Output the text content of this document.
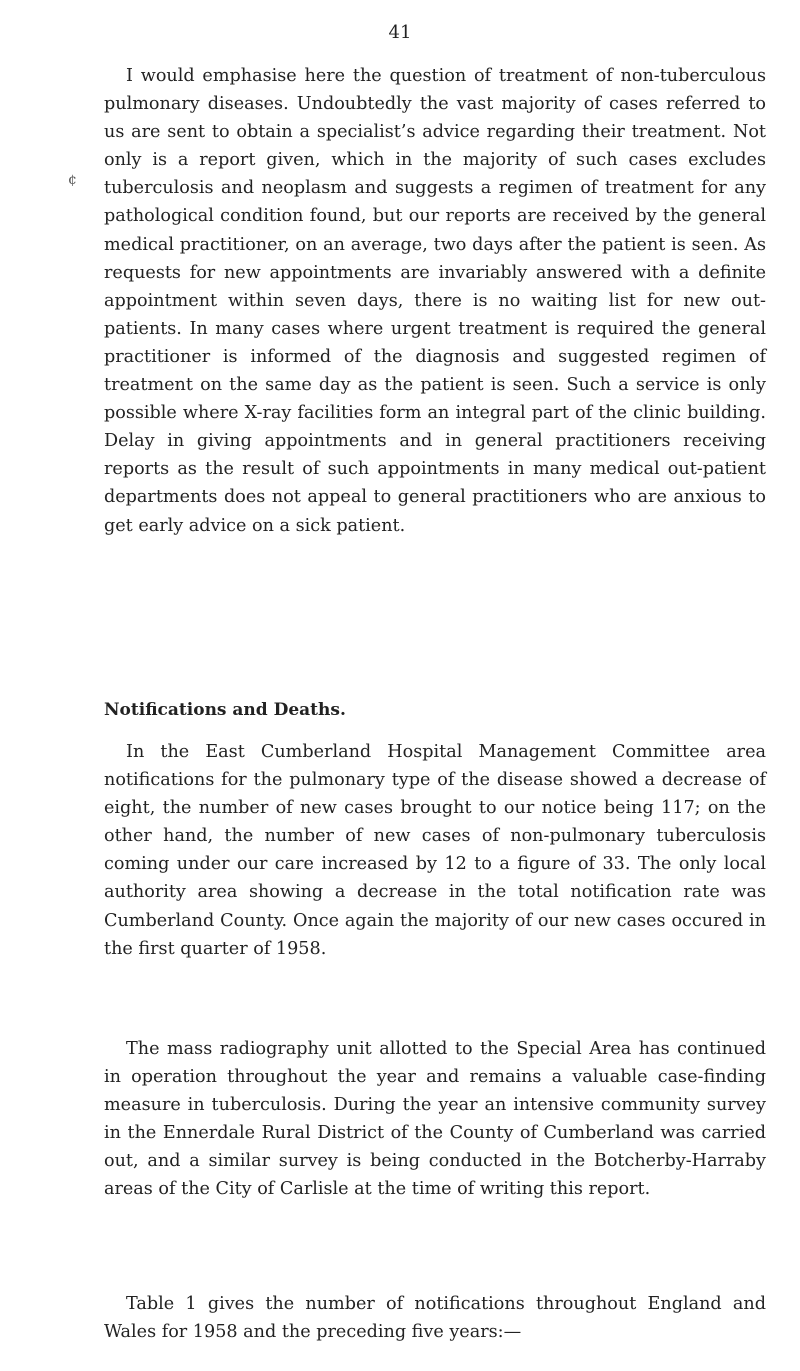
41
¢

I would emphasise here the question of treatment of non-tuberculous pulmonary diseases. Undoubtedly the vast majority of cases referred to us are sent to obtain a specialist’s advice regarding their treatment. Not only is a report given, which in the majority of such cases excludes tuberculosis and neoplasm and suggests a regimen of treatment for any pathological condition found, but our reports are received by the general medical practitioner, on an average, two days after the patient is seen. As requests for new appointments are invariably answered with a definite appointment within seven days, there is no waiting list for new out-patients. In many cases where urgent treatment is required the general practitioner is informed of the diagnosis and suggested regimen of treatment on the same day as the patient is seen. Such a service is only possible where X-ray facilities form an integral part of the clinic building. Delay in giving appointments and in general practitioners receiving reports as the result of such appointments in many medical out-patient departments does not appeal to general practitioners who are anxious to get early advice on a sick patient.

Notifications and Deaths.

In the East Cumberland Hospital Management Committee area notifications for the pulmonary type of the disease showed a decrease of eight, the number of new cases brought to our notice being 117; on the other hand, the number of new cases of non-pulmonary tuberculosis coming under our care increased by 12 to a figure of 33. The only local authority area showing a decrease in the total notification rate was Cumberland County. Once again the majority of our new cases occured in the first quarter of 1958.

The mass radiography unit allotted to the Special Area has continued in operation throughout the year and remains a valuable case-finding measure in tuberculosis. During the year an intensive community survey in the Ennerdale Rural District of the County of Cumberland was carried out, and a similar survey is being conducted in the Botcherby-Harraby areas of the City of Carlisle at the time of writing this report.

Table 1 gives the number of notifications throughout England and Wales for 1958 and the preceding five years:—
